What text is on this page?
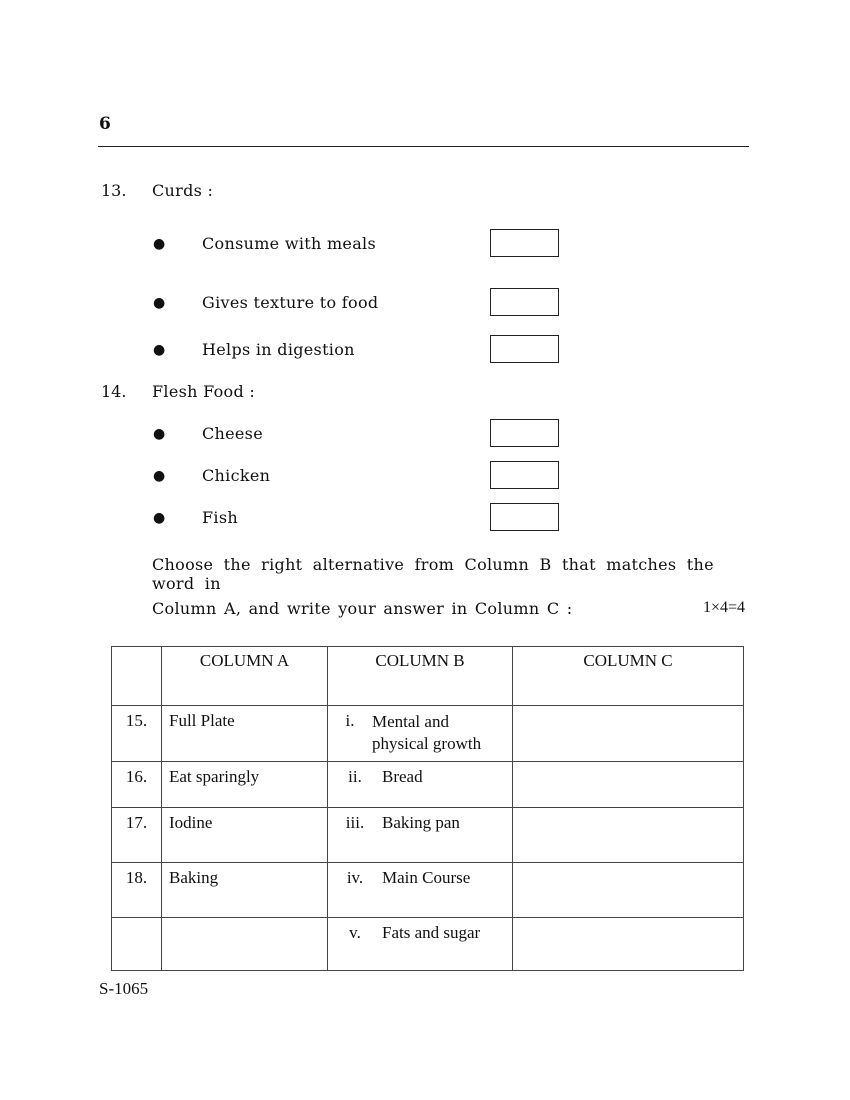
6
13. Curds :
● Consume with meals
● Gives texture to food
● Helps in digestion
14. Flesh Food :
● Cheese
● Chicken
● Fish
Choose the right alternative from Column B that matches the word in
Column A, and write your answer in Column C :	1×4=4
	COLUMN A	COLUMN B	COLUMN C
15.	Full Plate	i. Mental and physical growth	

16.	Eat sparingly	ii. Bread	

17.	Iodine	iii. Baking pan	

18.	Baking	iv. Main Course	

		v. Fats and sugar	

S-1065
